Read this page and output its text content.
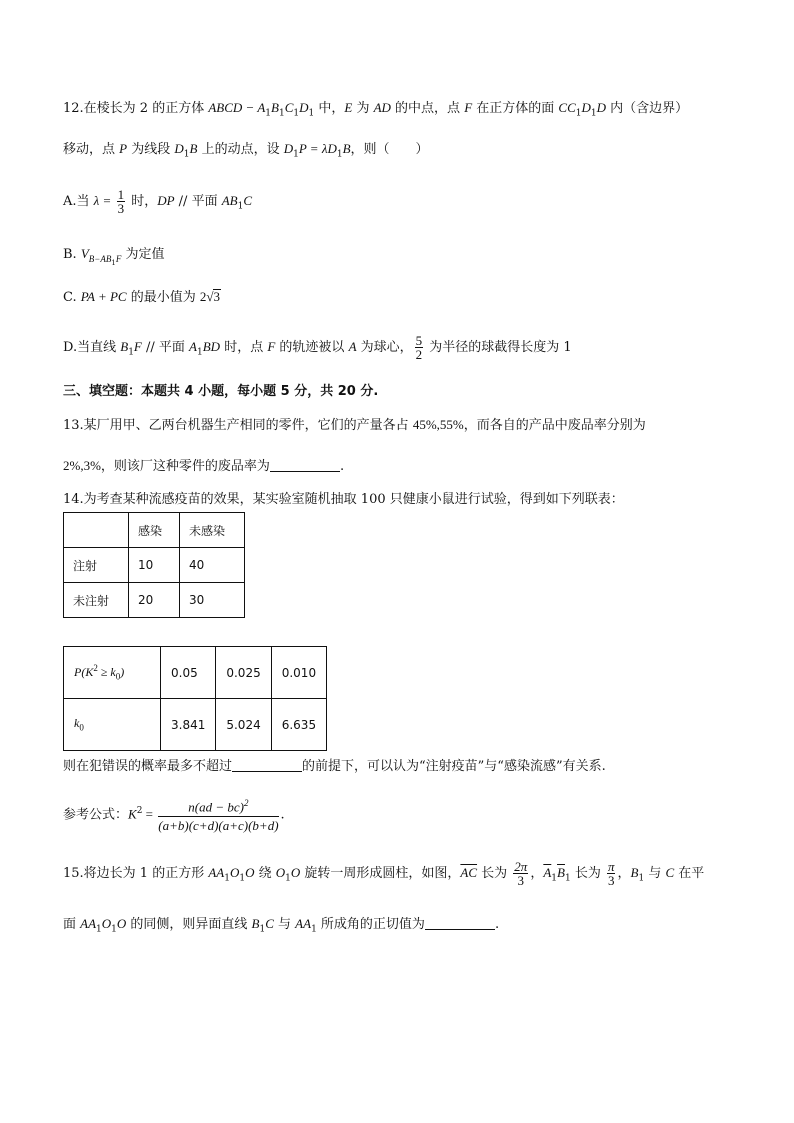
12.在棱长为 2 的正方体 ABCD − $A_1B_1C_1D_1$ 中，E 为 AD 的中点，点 F 在正方体的面 $CC_1D_1D$ 内（含边界）
移动，点 P 为线段 $D_1B$ 上的动点，设 $D_1P = \lambda D_1B$，则（　　）
A.当 $\lambda = \frac{1}{3}$ 时，DP // 平面 $AB_1C$
B. $V_{B-AB_1F}$ 为定值
C. PA + PC 的最小值为 2√3
D.当直线 $B_1F$ // 平面 $A_1BD$ 时，点 F 的轨迹被以 A 为球心， $\frac{5}{2}$ 为半径的球截得长度为 1
三、填空题：本题共 4 小题，每小题 5 分，共 20 分.
13.某厂用甲、乙两台机器生产相同的零件，它们的产量各占 45%,55%，而各自的产品中废品率分别为
2%,3%，则该厂这种零件的废品率为	.
14.为考查某种流感疫苗的效果，某实验室随机抽取 100 只健康小鼠进行试验，得到如下列联表：
	感染	未感染
注射	10	40
未注射	20	30
$P(K^2 \ge k_0)$	0.05	0.025	0.010
$k_0$	3.841	5.024	6.635
则在犯错误的概率最多不超过	的前提下，可以认为“注射疫苗”与“感染流感”有关系.
参考公式：$K^2 = \frac{n(ad - bc)^2}{(a+b)(c+d)(a+c)(b+d)}$ .
15.将边长为 1 的正方形 $AA_1O_1O$ 绕 $O_1O$ 旋转一周形成圆柱，如图，$\overline{AC}$ 长为 $\frac{2\pi}{3}$ ，$\overline{A}_1\overline{B}_1$ 长为 $\frac{\pi}{3}$ ，$B_1$ 与 C 在平
面 $AA_1O_1O$ 的同侧，则异面直线 $B_1C$ 与 $AA_1$ 所成角的正切值为	.
